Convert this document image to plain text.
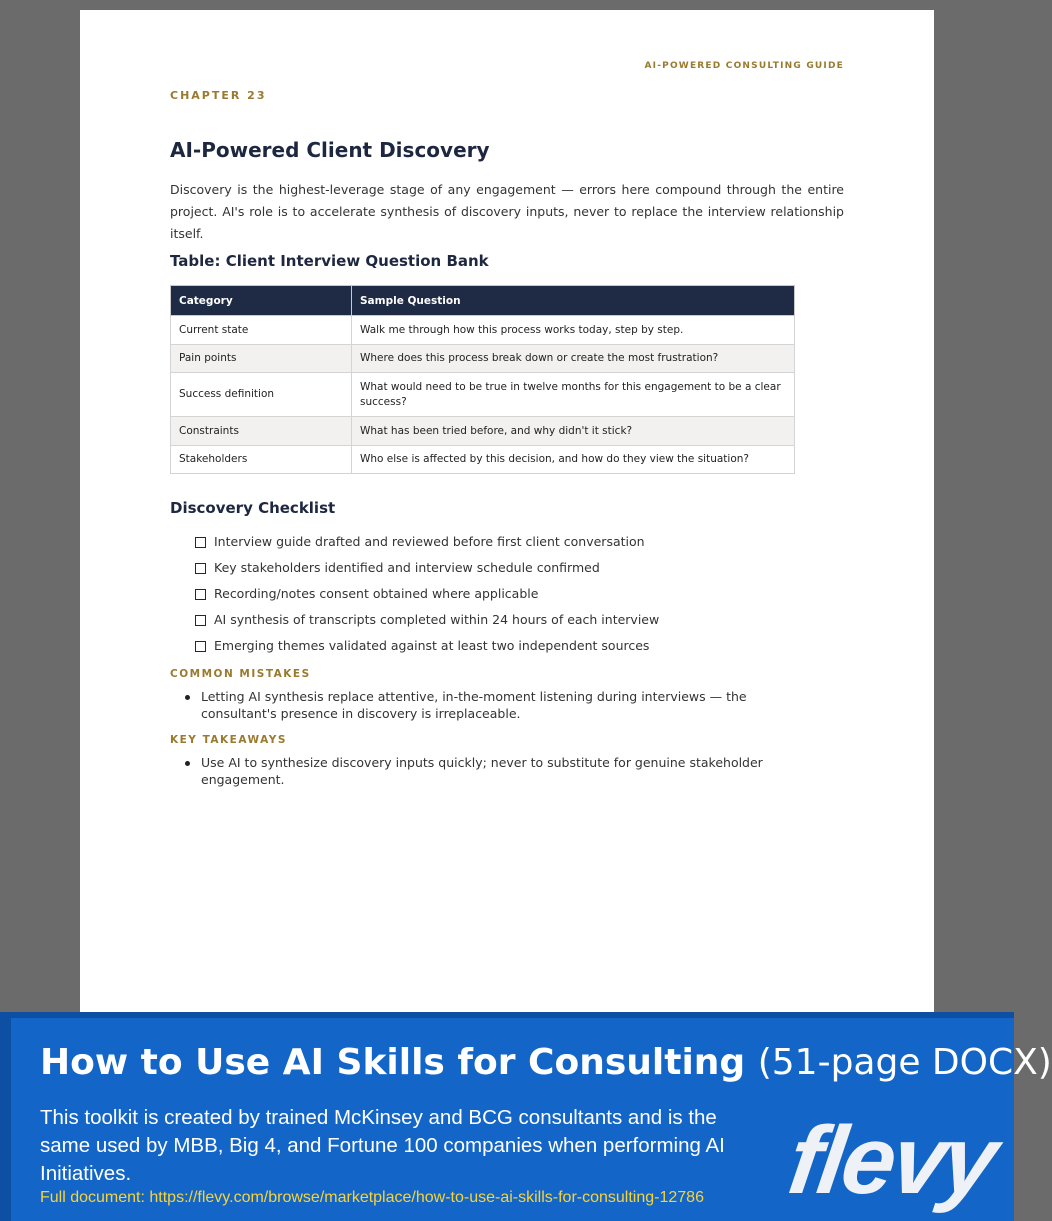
AI-POWERED CONSULTING GUIDE
CHAPTER 23
AI-Powered Client Discovery

Discovery is the highest-leverage stage of any engagement — errors here compound through the entire project. AI's role is to accelerate synthesis of discovery inputs, never to replace the interview relationship itself.

Table: Client Interview Question Bank
Category	Sample Question
Current state	Walk me through how this process works today, step by step.
Pain points	Where does this process break down or create the most frustration?
Success definition	What would need to be true in twelve months for this engagement to be a clear success?
Constraints	What has been tried before, and why didn't it stick?
Stakeholders	Who else is affected by this decision, and how do they view the situation?
Discovery Checklist
Interview guide drafted and reviewed before first client conversation
Key stakeholders identified and interview schedule confirmed
Recording/notes consent obtained where applicable
AI synthesis of transcripts completed within 24 hours of each interview
Emerging themes validated against at least two independent sources
COMMON MISTAKES
Letting AI synthesis replace attentive, in-the-moment listening during interviews — the consultant's presence in discovery is irreplaceable.
KEY TAKEAWAYS
Use AI to synthesize discovery inputs quickly; never to substitute for genuine stakeholder engagement.
How to Use AI Skills for Consulting (51-page DOCX)

This toolkit is created by trained McKinsey and BCG consultants and is the same used by MBB, Big 4, and Fortune 100 companies when performing AI Initiatives.

Full document: https://flevy.com/browse/marketplace/how-to-use-ai-skills-for-consulting-12786 flevy
